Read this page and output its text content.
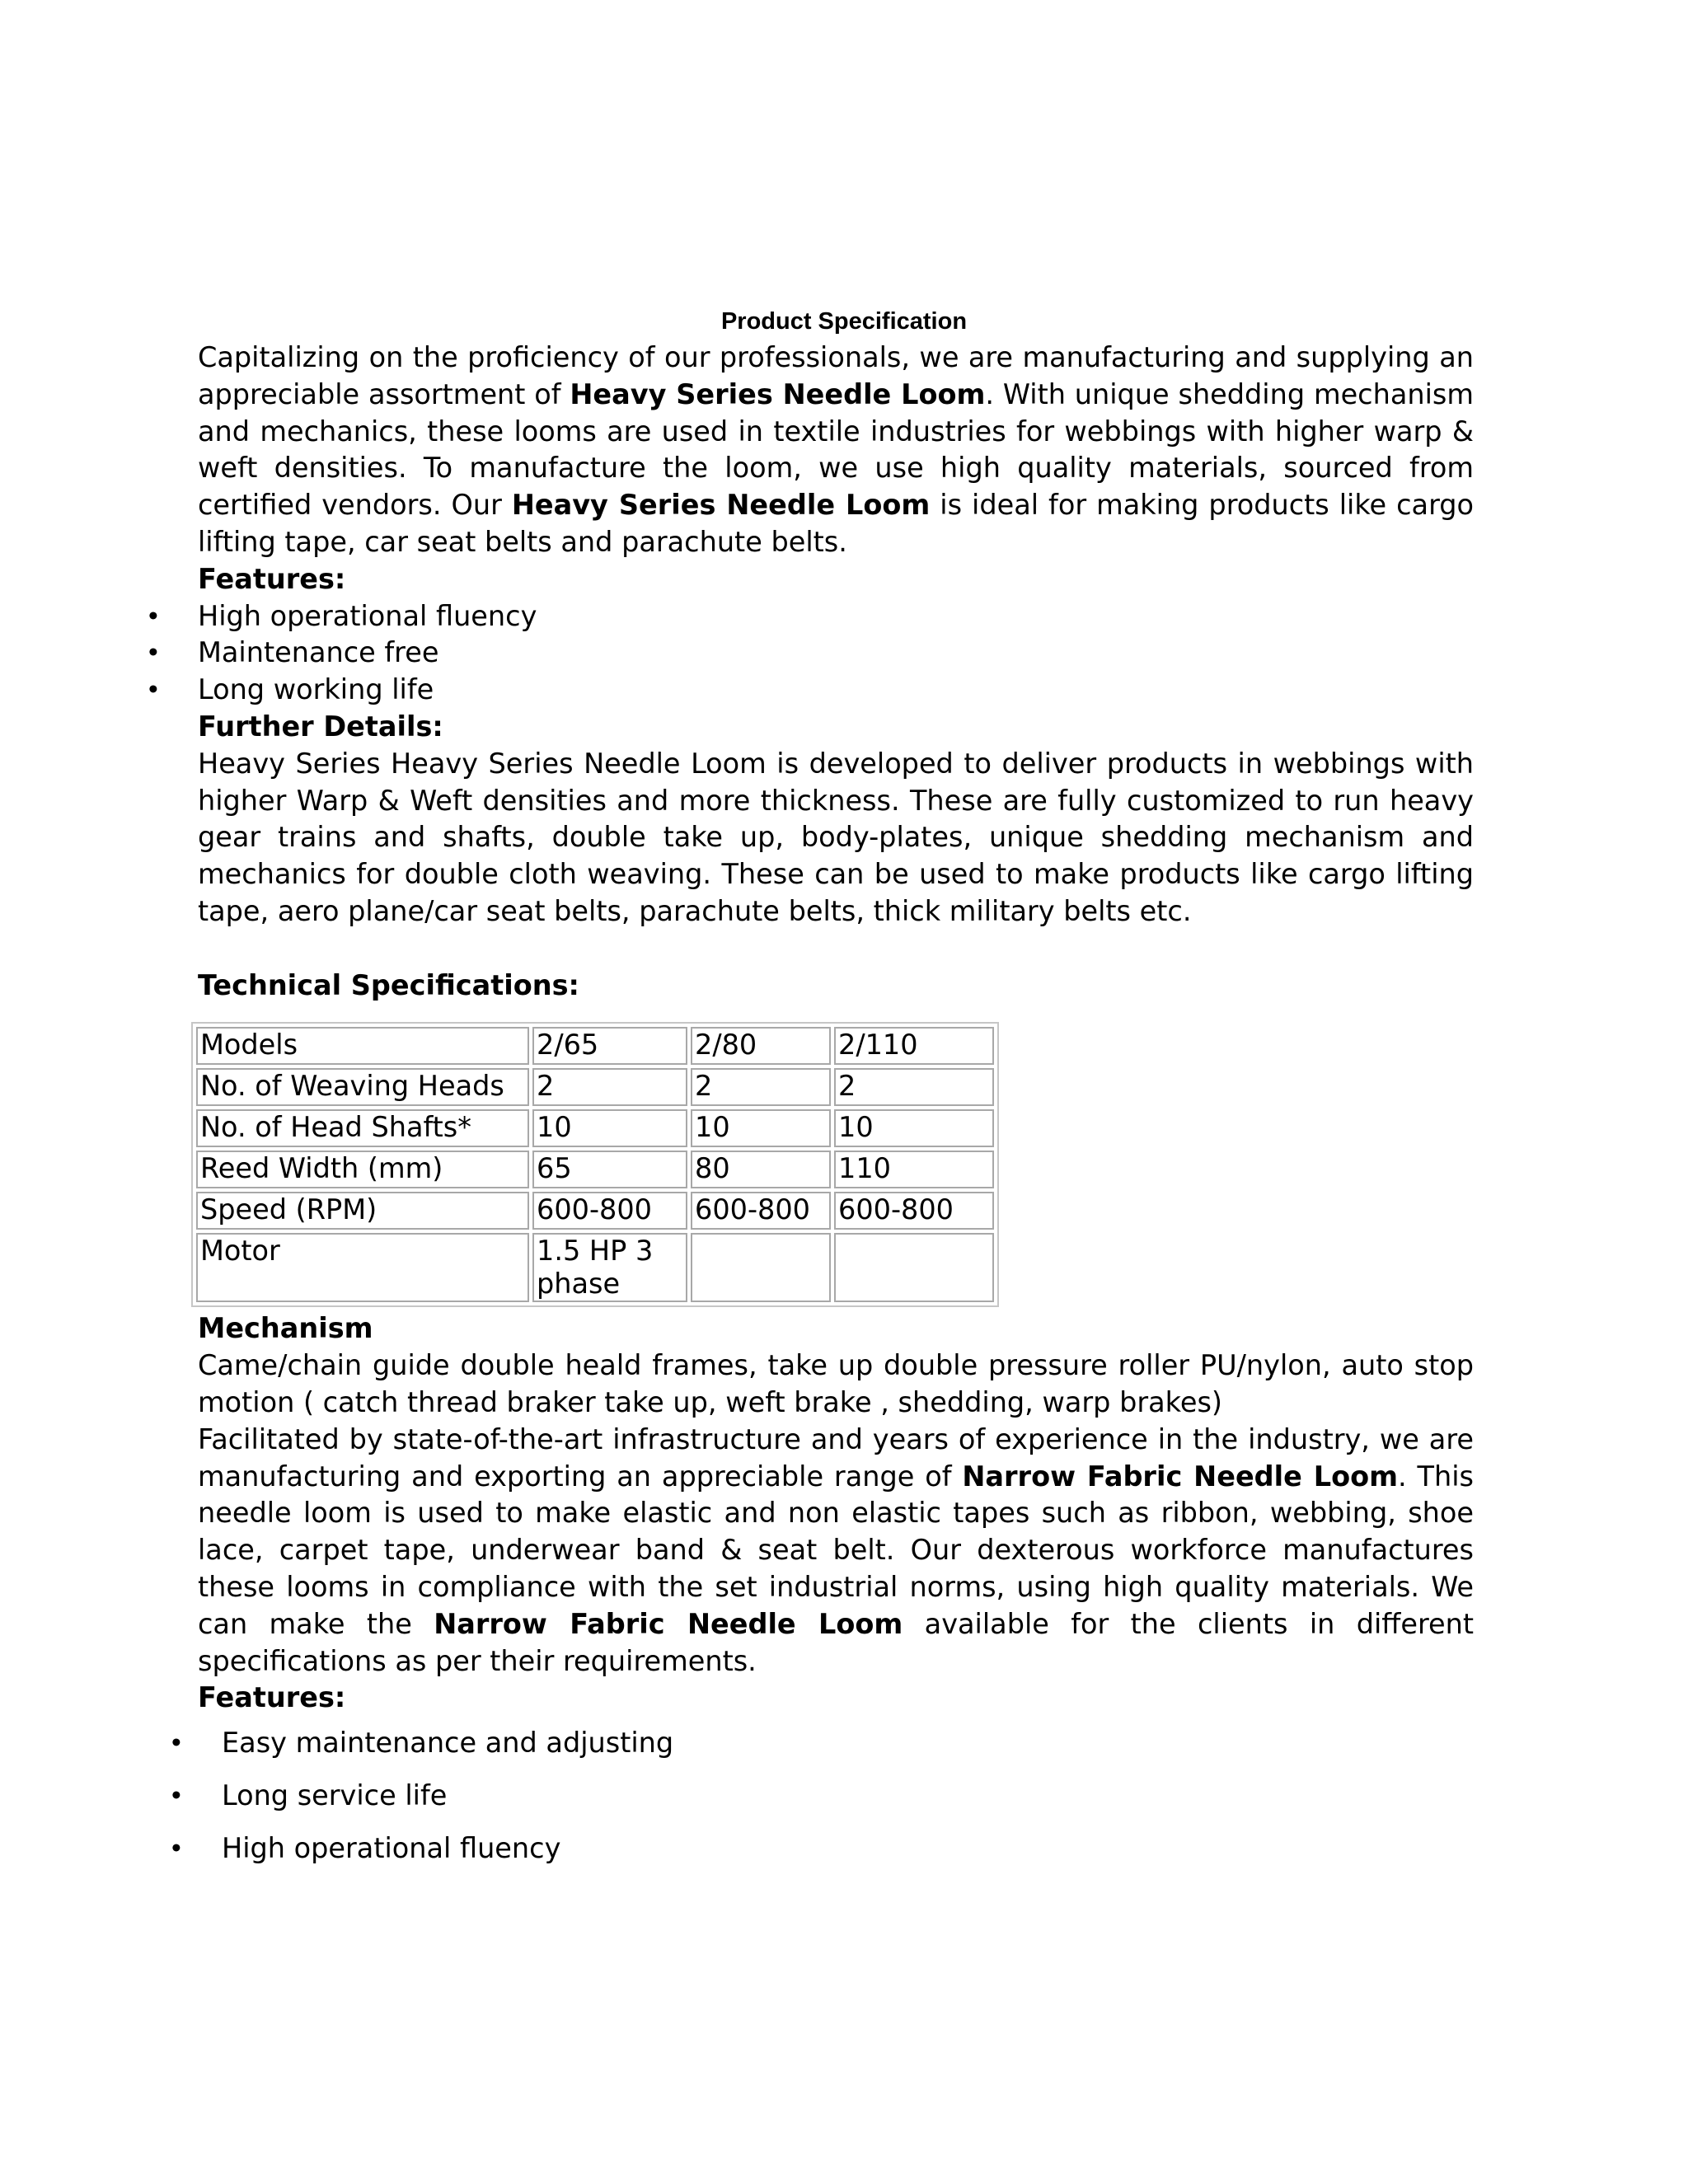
Product Specification

Capitalizing on the proficiency of our professionals, we are manufacturing and supplying an appreciable assortment of Heavy Series Needle Loom. With unique shedding mechanism and mechanics, these looms are used in textile industries for webbings with higher warp & weft densities. To manufacture the loom, we use high quality materials, sourced from certified vendors. Our Heavy Series Needle Loom is ideal for making products like cargo lifting tape, car seat belts and parachute belts.

Features:

• High operational fluency
• Maintenance free
• Long working life

Further Details:

Heavy Series Heavy Series Needle Loom is developed to deliver products in webbings with higher Warp & Weft densities and more thickness. These are fully customized to run heavy gear trains and shafts, double take up, body-plates, unique shedding mechanism and mechanics for double cloth weaving. These can be used to make products like cargo lifting tape, aero plane/car seat belts, parachute belts, thick military belts etc.

Technical Specifications:

Models	2/65	2/80	2/110
No. of Weaving Heads	2	2	2
No. of Head Shafts*	10	10	10
Reed Width (mm)	65	80	110
Speed (RPM)	600-800	600-800	600-800
Motor	1.5 HP 3 phase		

Mechanism

Came/chain guide double heald frames, take up double pressure roller PU/nylon, auto stop motion ( catch thread braker take up, weft brake , shedding, warp brakes)

Facilitated by state-of-the-art infrastructure and years of experience in the industry, we are manufacturing and exporting an appreciable range of Narrow Fabric Needle Loom. This needle loom is used to make elastic and non elastic tapes such as ribbon, webbing, shoe lace, carpet tape, underwear band & seat belt. Our dexterous workforce manufactures these looms in compliance with the set industrial norms, using high quality materials. We can make the Narrow Fabric Needle Loom available for the clients in different specifications as per their requirements.

Features:

• Easy maintenance and adjusting
• Long service life
• High operational fluency
